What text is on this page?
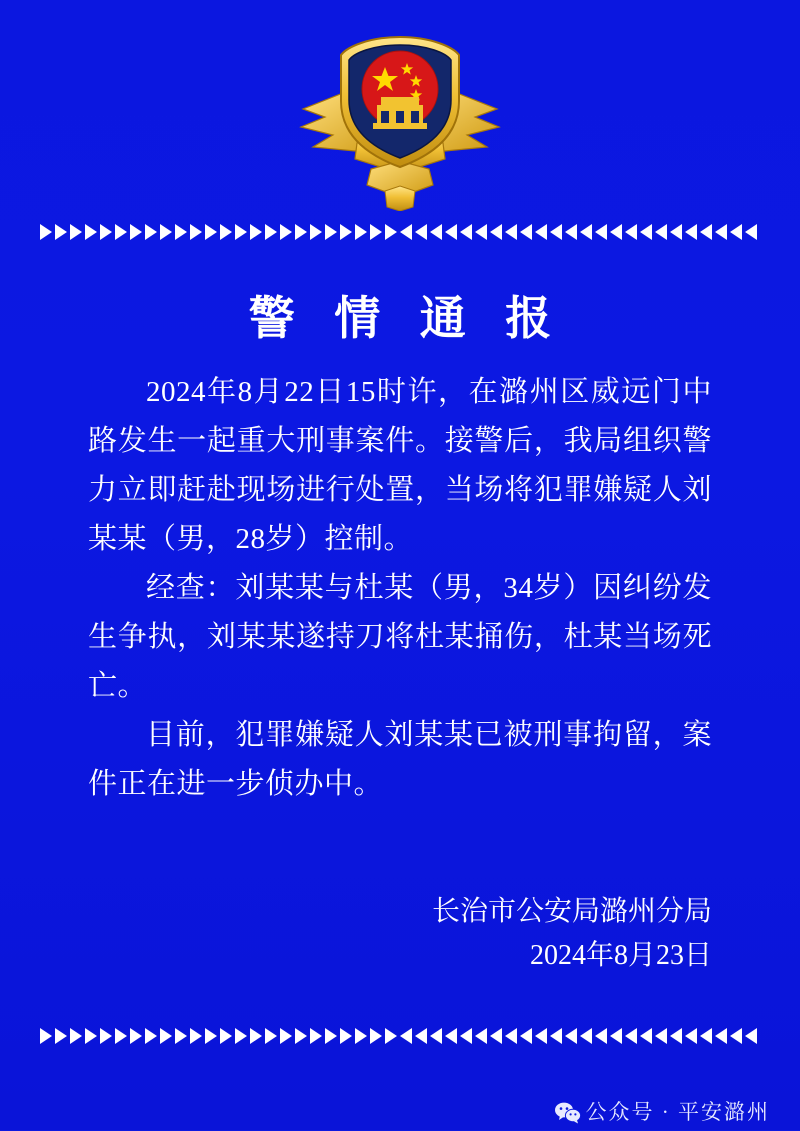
警 情 通 报

2024年8月22日15时许，在潞州区威远门中路发生一起重大刑事案件。接警后，我局组织警力立即赶赴现场进行处置，当场将犯罪嫌疑人刘某某（男，28岁）控制。

经查：刘某某与杜某（男，34岁）因纠纷发生争执，刘某某遂持刀将杜某捅伤，杜某当场死亡。

目前，犯罪嫌疑人刘某某已被刑事拘留，案件正在进一步侦办中。

长治市公安局潞州分局
2024年8月23日
公众号 · 平安潞州
